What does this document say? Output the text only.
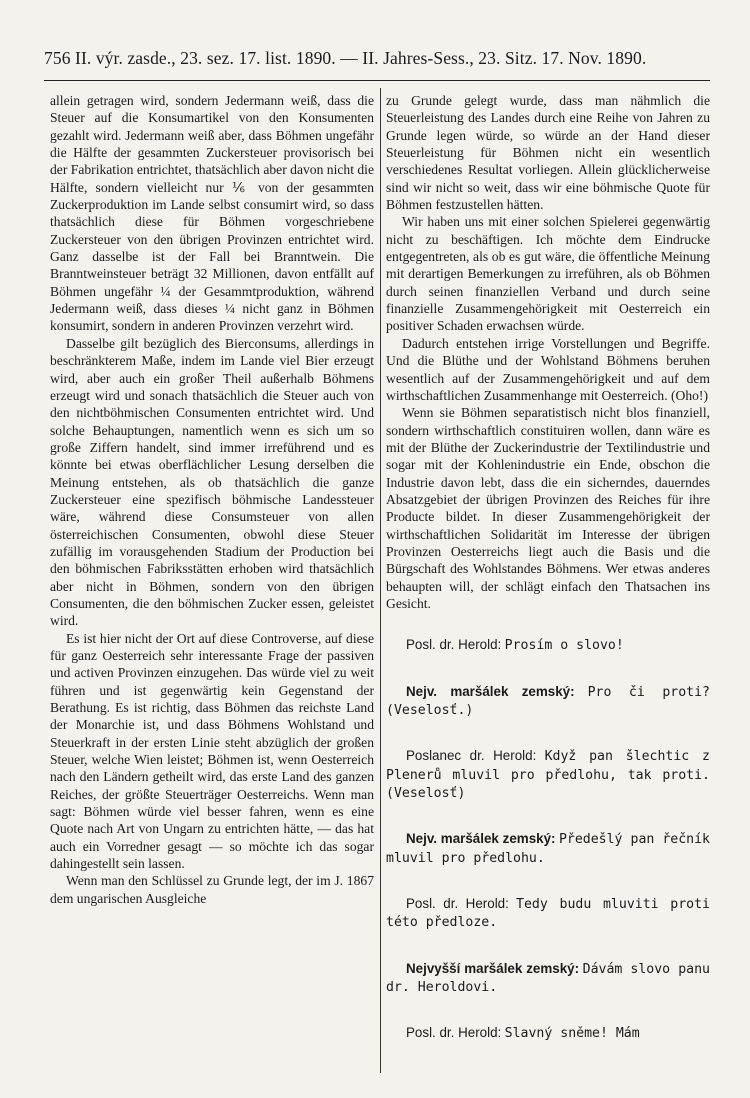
756 II. výr. zasde., 23. sez. 17. list. 1890. — II. Jahres-Sess., 23. Sitz. 17. Nov. 1890.

allein getragen wird, sondern Jedermann weiß, dass die Steuer auf die Konsumartikel von den Konsumenten gezahlt wird. Jedermann weiß aber, dass Böhmen ungefähr die Hälfte der gesammten Zuckersteuer provisorisch bei der Fabrikation entrichtet, thatsächlich aber davon nicht die Hälfte, sondern vielleicht nur ⅙ von der gesammten Zuckerproduktion im Lande selbst consumirt wird, so dass thatsächlich diese für Böhmen vorgeschriebene Zuckersteuer von den übrigen Provinzen entrichtet wird. Ganz dasselbe ist der Fall bei Branntwein. Die Branntweinsteuer beträgt 32 Millionen, davon entfällt auf Böhmen ungefähr ¼ der Gesammtproduktion, während Jedermann weiß, dass dieses ¼ nicht ganz in Böhmen konsumirt, sondern in anderen Provinzen verzehrt wird.

Dasselbe gilt bezüglich des Bierconsums, allerdings in beschränkterem Maße, indem im Lande viel Bier erzeugt wird, aber auch ein großer Theil außerhalb Böhmens erzeugt wird und sonach thatsächlich die Steuer auch von den nichtböhmischen Consumenten entrichtet wird. Und solche Behauptungen, namentlich wenn es sich um so große Ziffern handelt, sind immer irreführend und es könnte bei etwas oberflächlicher Lesung derselben die Meinung entstehen, als ob thatsächlich die ganze Zuckersteuer eine spezifisch böhmische Landessteuer wäre, während diese Consumsteuer von allen österreichischen Consumenten, obwohl diese Steuer zufällig im vorausgehenden Stadium der Production bei den böhmischen Fabriksstätten erhoben wird thatsächlich aber nicht in Böhmen, sondern von den übrigen Consumenten, die den böhmischen Zucker essen, geleistet wird.

Es ist hier nicht der Ort auf diese Controverse, auf diese für ganz Oesterreich sehr interessante Frage der passiven und activen Provinzen einzugehen. Das würde viel zu weit führen und ist gegenwärtig kein Gegenstand der Berathung. Es ist richtig, dass Böhmen das reichste Land der Monarchie ist, und dass Böhmens Wohlstand und Steuerkraft in der ersten Linie steht abzüglich der großen Steuer, welche Wien leistet; Böhmen ist, wenn Oesterreich nach den Ländern getheilt wird, das erste Land des ganzen Reiches, der größte Steuerträger Oesterreichs. Wenn man sagt: Böhmen würde viel besser fahren, wenn es eine Quote nach Art von Ungarn zu entrichten hätte, — das hat auch ein Vorredner gesagt — so möchte ich das sogar dahingestellt sein lassen.

Wenn man den Schlüssel zu Grunde legt, der im J. 1867 dem ungarischen Ausgleiche

zu Grunde gelegt wurde, dass man nähmlich die Steuerleistung des Landes durch eine Reihe von Jahren zu Grunde legen würde, so würde an der Hand dieser Steuerleistung für Böhmen nicht ein wesentlich verschiedenes Resultat vorliegen. Allein glücklicherweise sind wir nicht so weit, dass wir eine böhmische Quote für Böhmen festzustellen hätten.

Wir haben uns mit einer solchen Spielerei gegenwärtig nicht zu beschäftigen. Ich möchte dem Eindrucke entgegentreten, als ob es gut wäre, die öffentliche Meinung mit derartigen Bemerkungen zu irreführen, als ob Böhmen durch seinen finanziellen Verband und durch seine finanzielle Zusammengehörigkeit mit Oesterreich ein positiver Schaden erwachsen würde.

Dadurch entstehen irrige Vorstellungen und Begriffe. Und die Blüthe und der Wohlstand Böhmens beruhen wesentlich auf der Zusammengehörigkeit und auf dem wirthschaftlichen Zusammenhange mit Oesterreich. (Oho!)

Wenn sie Böhmen separatistisch nicht blos finanziell, sondern wirthschaftlich constituiren wollen, dann wäre es mit der Blüthe der Zuckerindustrie der Textilindustrie und sogar mit der Kohlenindustrie ein Ende, obschon die Industrie davon lebt, dass die ein sicherndes, dauerndes Absatzgebiet der übrigen Provinzen des Reiches für ihre Producte bildet. In dieser Zusammengehörigkeit der wirthschaftlichen Solidarität im Interesse der übrigen Provinzen Oesterreichs liegt auch die Basis und die Bürgschaft des Wohlstandes Böhmens. Wer etwas anderes behaupten will, der schlägt einfach den Thatsachen ins Gesicht.

Posl. dr. Herold: Prosím o slovo!

Nejv. maršálek zemský: Pro či proti? (Veselosť.)

Poslanec dr. Herold: Když pan šlechtic z Plenerů mluvil pro předlohu, tak proti. (Veselosť)

Nejv. maršálek zemský: Předešlý pan řečník mluvil pro předlohu.

Posl. dr. Herold: Tedy budu mluviti proti této předloze.

Nejvyšší maršálek zemský: Dávám slovo panu dr. Heroldovi.

Posl. dr. Herold: Slavný sněme! Mám
